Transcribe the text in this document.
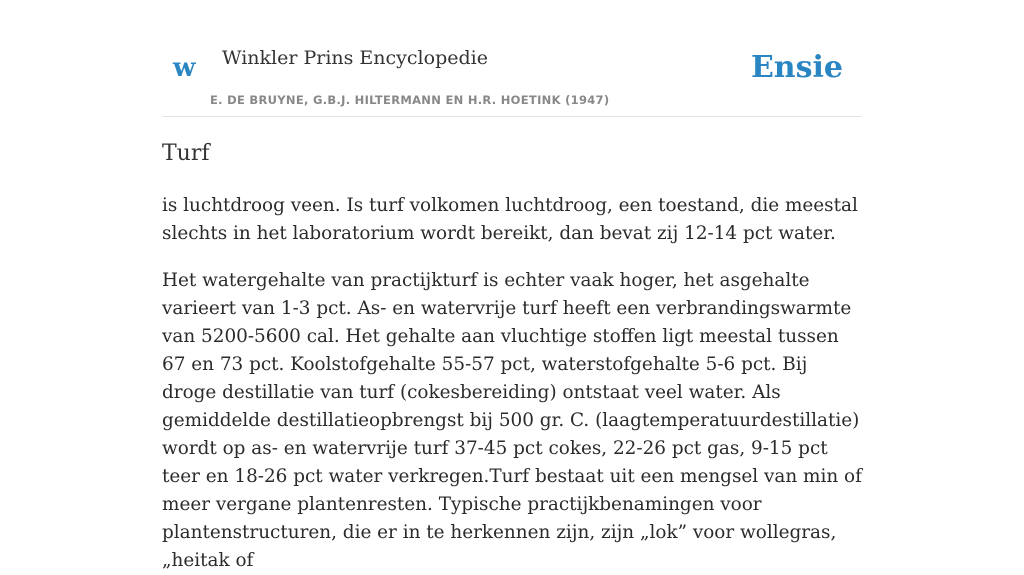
w Winkler Prins Encyclopedie
E. DE BRUYNE, G.B.J. HILTERMANN EN H.R. HOETINK (1947)
Ensie
Turf

is luchtdroog veen. Is turf volkomen luchtdroog, een toestand, die meestal slechts in het laboratorium wordt bereikt, dan bevat zij 12-14 pct water.

Het watergehalte van practijkturf is echter vaak hoger, het asgehalte varieert van 1-3 pct. As- en watervrije turf heeft een verbrandingswarmte van 5200-5600 cal. Het gehalte aan vluchtige stoffen ligt meestal tussen 67 en 73 pct. Koolstofgehalte 55-57 pct, waterstofgehalte 5-6 pct. Bij droge destillatie van turf (cokesbereiding) ontstaat veel water. Als gemiddelde destillatieopbrengst bij 500 gr. C. (laagtemperatuurdestillatie) wordt op as- en watervrije turf 37-45 pct cokes, 22-26 pct gas, 9-15 pct teer en 18-26 pct water verkregen.Turf bestaat uit een mengsel van min of meer vergane plantenresten. Typische practijkbenamingen voor plantenstructuren, die er in te herkennen zijn, zijn „lok” voor wollegras, „heitak of
